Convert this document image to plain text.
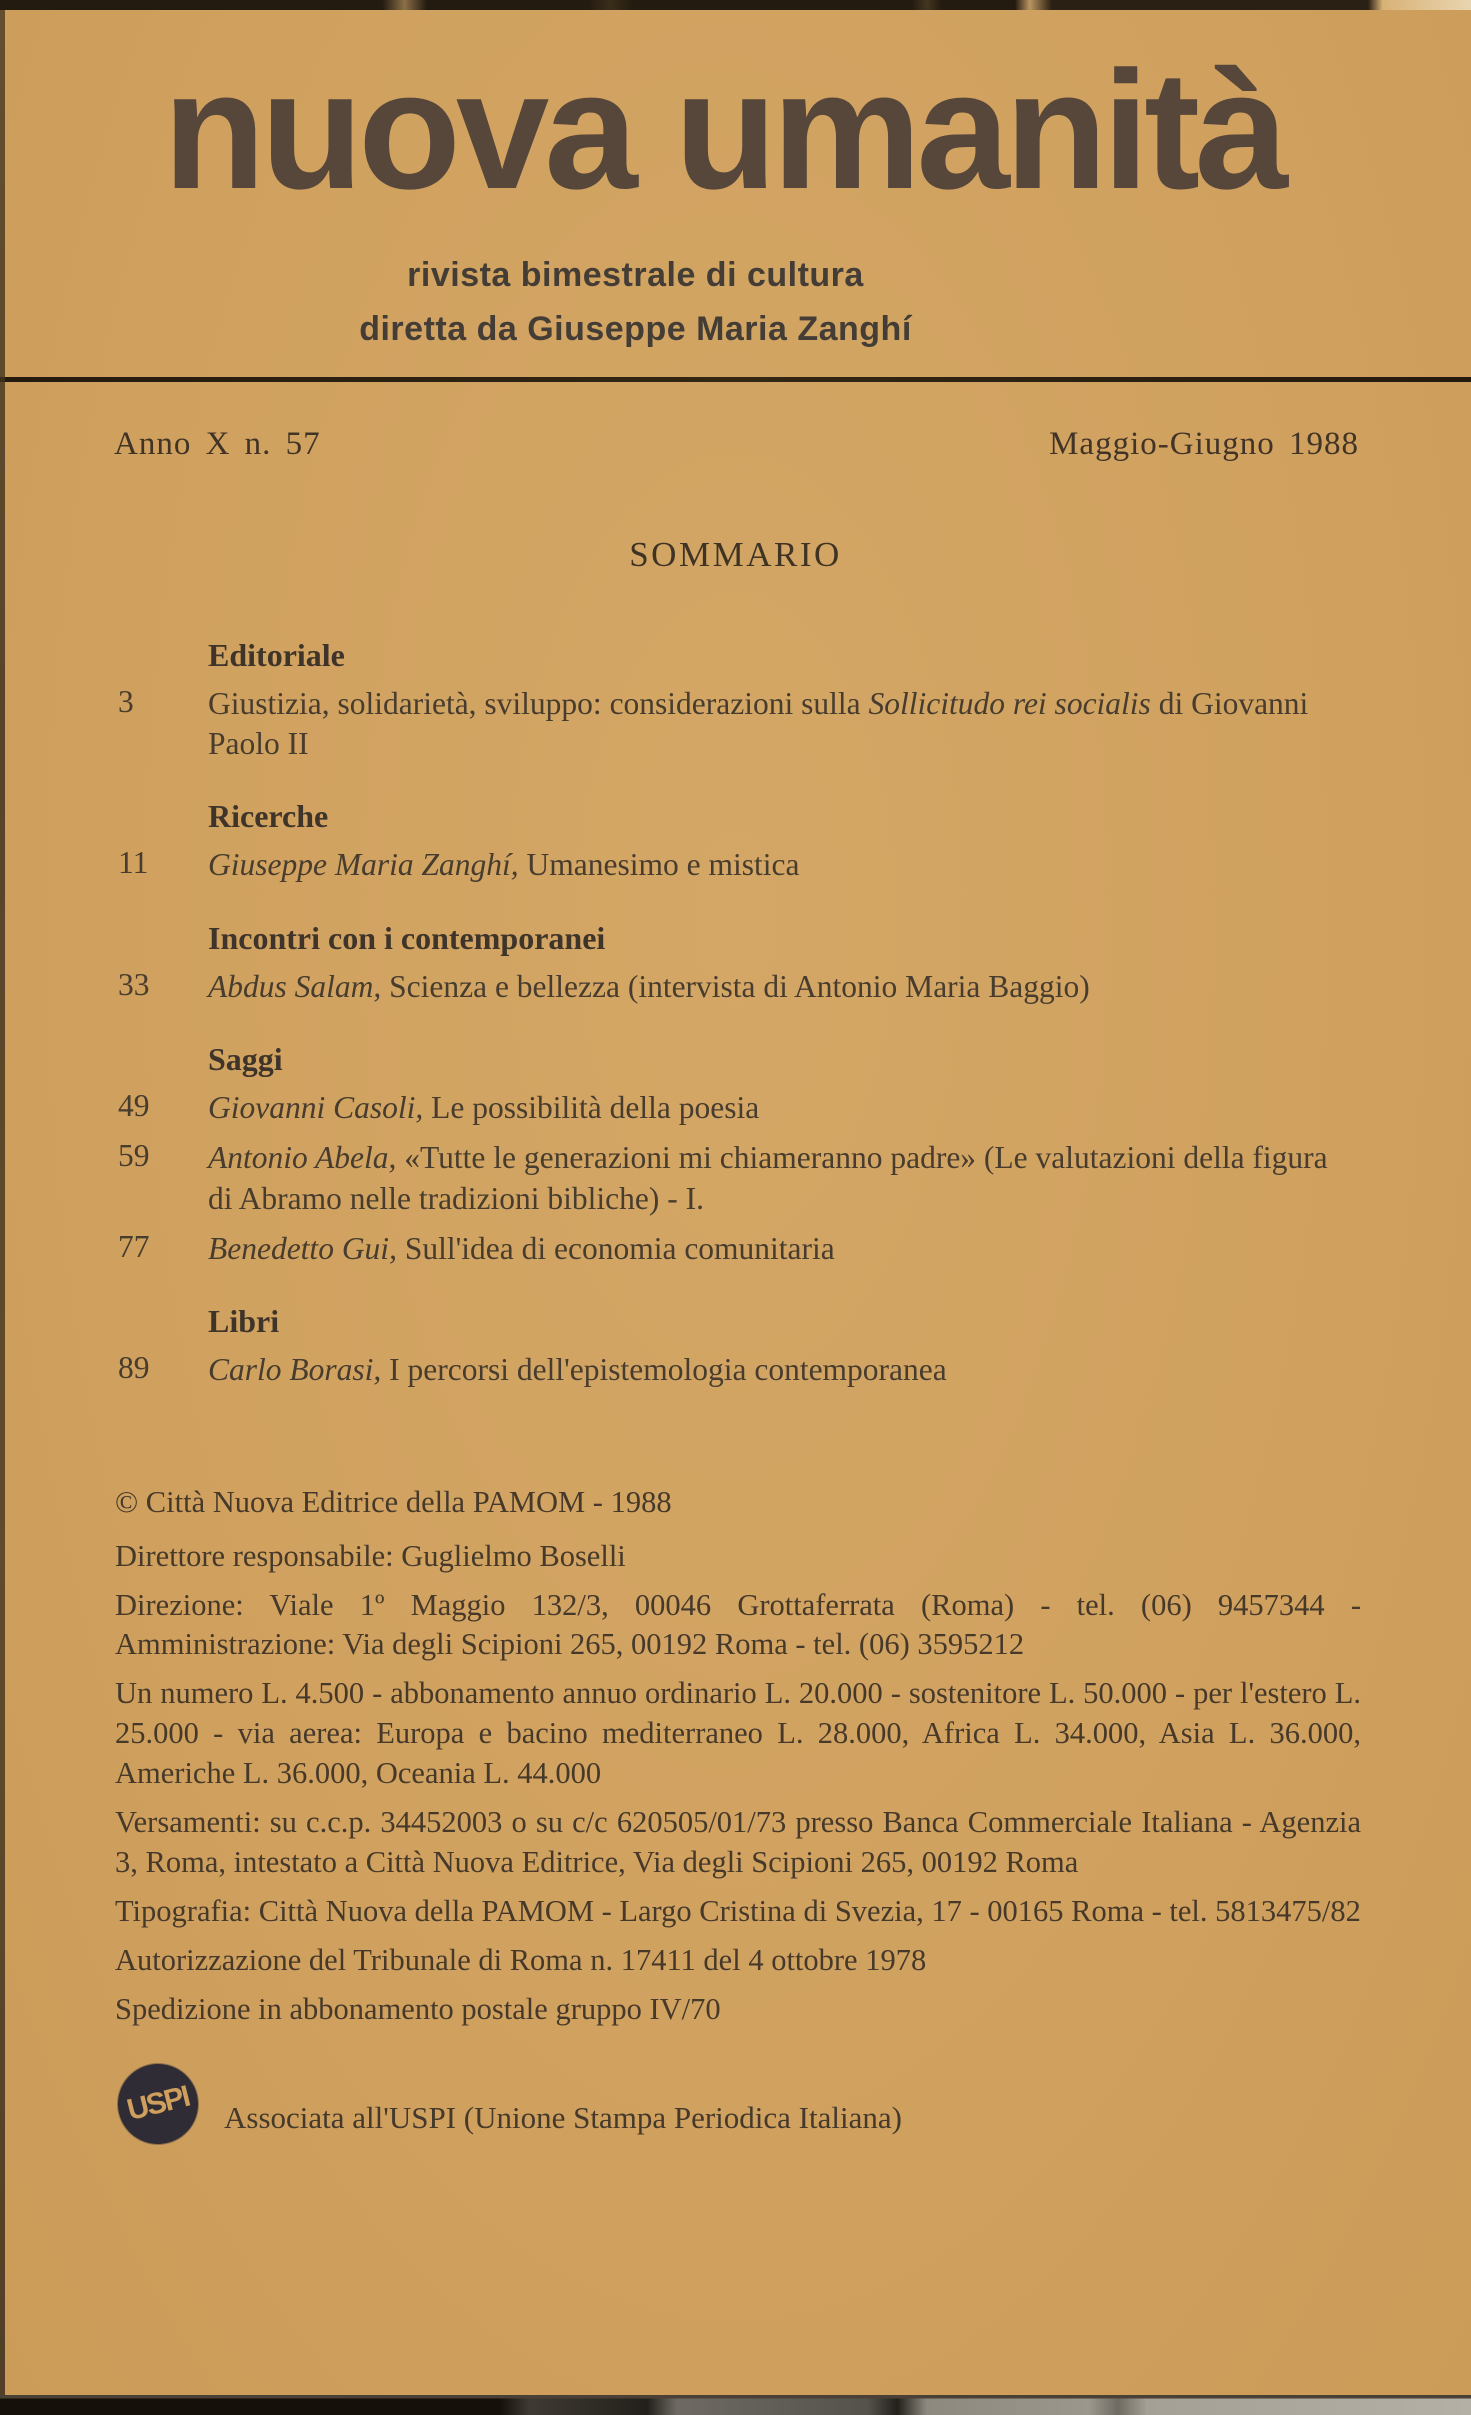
nuova umanità
rivista bimestrale di cultura
diretta da Giuseppe Maria Zanghí
Anno X n. 57	Maggio-Giugno 1988
SOMMARIO
Editoriale
3	Giustizia, solidarietà, sviluppo: considerazioni sulla Sollicitudo rei socialis di Giovanni Paolo II
Ricerche
11	Giuseppe Maria Zanghí, Umanesimo e mistica
Incontri con i contemporanei
33	Abdus Salam, Scienza e bellezza (intervista di Antonio Maria Baggio)
Saggi
49	Giovanni Casoli, Le possibilità della poesia
59	Antonio Abela, «Tutte le generazioni mi chiameranno padre» (Le valutazioni della figura di Abramo nelle tradizioni bibliche) - I.
77	Benedetto Gui, Sull'idea di economia comunitaria
Libri
89	Carlo Borasi, I percorsi dell'epistemologia contemporanea

© Città Nuova Editrice della PAMOM - 1988

Direttore responsabile: Guglielmo Boselli

Direzione: Viale 1º Maggio 132/3, 00046 Grottaferrata (Roma) - tel. (06) 9457344 - Amministrazione: Via degli Scipioni 265, 00192 Roma - tel. (06) 3595212

Un numero L. 4.500 - abbonamento annuo ordinario L. 20.000 - sostenitore L. 50.000 - per l'estero L. 25.000 - via aerea: Europa e bacino mediterraneo L. 28.000, Africa L. 34.000, Asia L. 36.000, Americhe L. 36.000, Oceania L. 44.000

Versamenti: su c.c.p. 34452003 o su c/c 620505/01/73 presso Banca Commerciale Italiana - Agenzia 3, Roma, intestato a Città Nuova Editrice, Via degli Scipioni 265, 00192 Roma

Tipografia: Città Nuova della PAMOM - Largo Cristina di Svezia, 17 - 00165 Roma - tel. 5813475/82

Autorizzazione del Tribunale di Roma n. 17411 del 4 ottobre 1978

Spedizione in abbonamento postale gruppo IV/70

USPI Associata all'USPI (Unione Stampa Periodica Italiana)
